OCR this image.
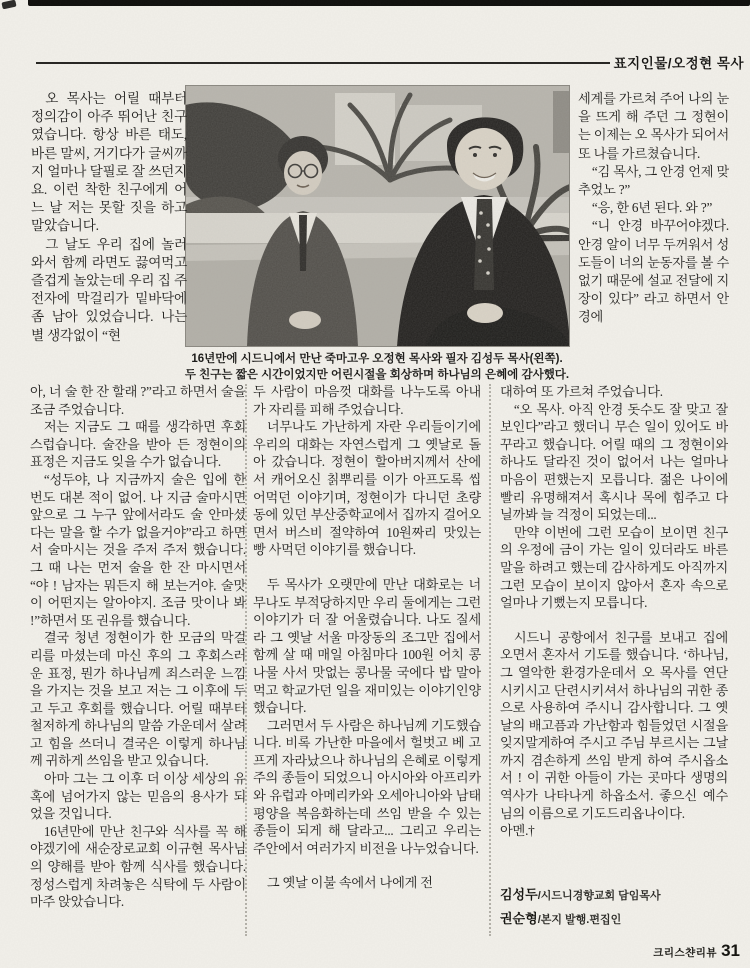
표지인물/오정현 목사

16년만에 시드니에서 만난 죽마고우 오정현 목사와 필자 김성두 목사(왼쪽).

두 친구는 짧은 시간이었지만 어린시절을 회상하며 하나님의 은혜에 감사했다.

오 목사는 어릴 때부터 정의감이 아주 뛰어난 친구였습니다. 항상 바른 태도, 바른 말씨, 거기다가 글씨까지 얼마나 달필로 잘 쓰던지요. 이런 착한 친구에게 어느 날 저는 못할 짓을 하고 말았습니다.

그 날도 우리 집에 놀러와서 함께 라면도 끓여먹고 즐겁게 놀았는데 우리 집 주전자에 막걸리가 밑바닥에 좀 남아 있었습니다. 나는 별 생각없이 “현

아, 너 술 한 잔 할래 ?”라고 하면서 술을 조금 주었습니다.

저는 지금도 그 때를 생각하면 후회스럽습니다. 술잔을 받아 든 정현이의 표정은 지금도 잊을 수가 없습니다.

“성두야, 나 지금까지 술은 입에 한 번도 대본 적이 없어. 나 지금 술마시면 앞으로 그 누구 앞에서라도 술 안마셨다는 말을 할 수가 없을거야”라고 하면서 술마시는 것을 주저 주저 했습니다. 그 때 나는 먼저 술을 한 잔 마시면서 “야 ! 남자는 뭐든지 해 보는거야. 술맛이 어떤지는 알아야지. 조금 맛이나 봐 !”하면서 또 권유를 했습니다.

결국 청년 정현이가 한 모금의 막걸리를 마셨는데 마신 후의 그 후회스러운 표정, 뭔가 하나님께 죄스러운 느낌을 가지는 것을 보고 저는 그 이후에 두고 두고 후회를 했습니다. 어릴 때부터 철저하게 하나님의 말씀 가운데서 살려고 힘을 쓰더니 결국은 이렇게 하나님께 귀하게 쓰임을 받고 있습니다.

아마 그는 그 이후 더 이상 세상의 유혹에 넘어가지 않는 믿음의 용사가 되었을 것입니다.

16년만에 만난 친구와 식사를 꼭 해야겠기에 새순장로교회 이규현 목사님의 양해를 받아 함께 식사를 했습니다. 정성스럽게 차려놓은 식탁에 두 사람이 마주 앉았습니다.

두 사람이 마음껏 대화를 나누도록 아내가 자리를 피해 주었습니다.

너무나도 가난하게 자란 우리들이기에 우리의 대화는 자연스럽게 그 옛날로 돌아 갔습니다. 정현이 할아버지께서 산에서 캐어오신 칡뿌리를 이가 아프도록 씹어먹던 이야기며, 정현이가 다니던 초량동에 있던 부산중학교에서 집까지 걸어오면서 버스비 절약하여 10원짜리 맛있는 빵 사먹던 이야기를 했습니다.

두 목사가 오랫만에 만난 대화로는 너무나도 부적당하지만 우리 둘에게는 그런 이야기가 더 잘 어울렸습니다. 나도 질세라 그 옛날 서울 마장동의 조그만 집에서 함께 살 때 매일 아침마다 100원 어치 콩나물 사서 맛없는 콩나물 국에다 밥 말아 먹고 학교가던 일을 재미있는 이야기인양 했습니다.

그러면서 두 사람은 하나님께 기도했습니다. 비록 가난한 마을에서 헐벗고 베 고프게 자라났으나 하나님의 은혜로 이렇게 주의 종들이 되었으니 아시아와 아프리카와 유럽과 아메리카와 오세아니아와 남태평양을 복음화하는데 쓰임 받을 수 있는 종들이 되게 해 달라고... 그리고 우리는 주안에서 여러가지 비전을 나누었습니다.

그 옛날 이불 속에서 나에게 전

세계를 가르쳐 주어 나의 눈을 뜨게 해 주던 그 정현이는 이제는 오 목사가 되어서 또 나를 가르쳤습니다.

“김 목사, 그 안경 언제 맞추었노 ?”

“응, 한 6년 된다. 와 ?”

“니 안경 바꾸어야겠다. 안경 알이 너무 두꺼워서 성도들이 너의 눈동자를 볼 수 없기 때문에 설교 전달에 지장이 있다” 라고 하면서 안경에

대하여 또 가르쳐 주었습니다.

“오 목사. 아직 안경 돗수도 잘 맞고 잘 보인다”라고 했더니 무슨 일이 있어도 바꾸라고 했습니다. 어릴 때의 그 정현이와 하나도 달라진 것이 없어서 나는 얼마나 마음이 편했는지 모릅니다. 젊은 나이에 빨리 유명해져서 혹시나 목에 힘주고 다닐까봐 늘 걱정이 되었는데...

만약 이번에 그런 모습이 보이면 친구의 우정에 금이 가는 일이 있더라도 바른 말을 하려고 했는데 감사하게도 아직까지 그런 모습이 보이지 않아서 혼자 속으로 얼마나 기뻤는지 모릅니다.

시드니 공항에서 친구를 보내고 집에 오면서 혼자서 기도를 했습니다. ‘하나님, 그 열악한 환경가운데서 오 목사를 연단시키시고 단련시키셔서 하나님의 귀한 종으로 사용하여 주시니 감사합니다. 그 옛날의 배고픔과 가난함과 힘들었던 시절을 잊지말게하여 주시고 주님 부르시는 그날까지 겸손하게 쓰임 받게 하여 주시옵소서 ! 이 귀한 아들이 가는 곳마다 생명의 역사가 나타나게 하옵소서. 좋으신 예수님의 이름으로 기도드리옵나이다.

아멘.†

김성두/시드니경향교회 담임목사

권순형/본지 발행.편집인

크리스챤리뷰 31
